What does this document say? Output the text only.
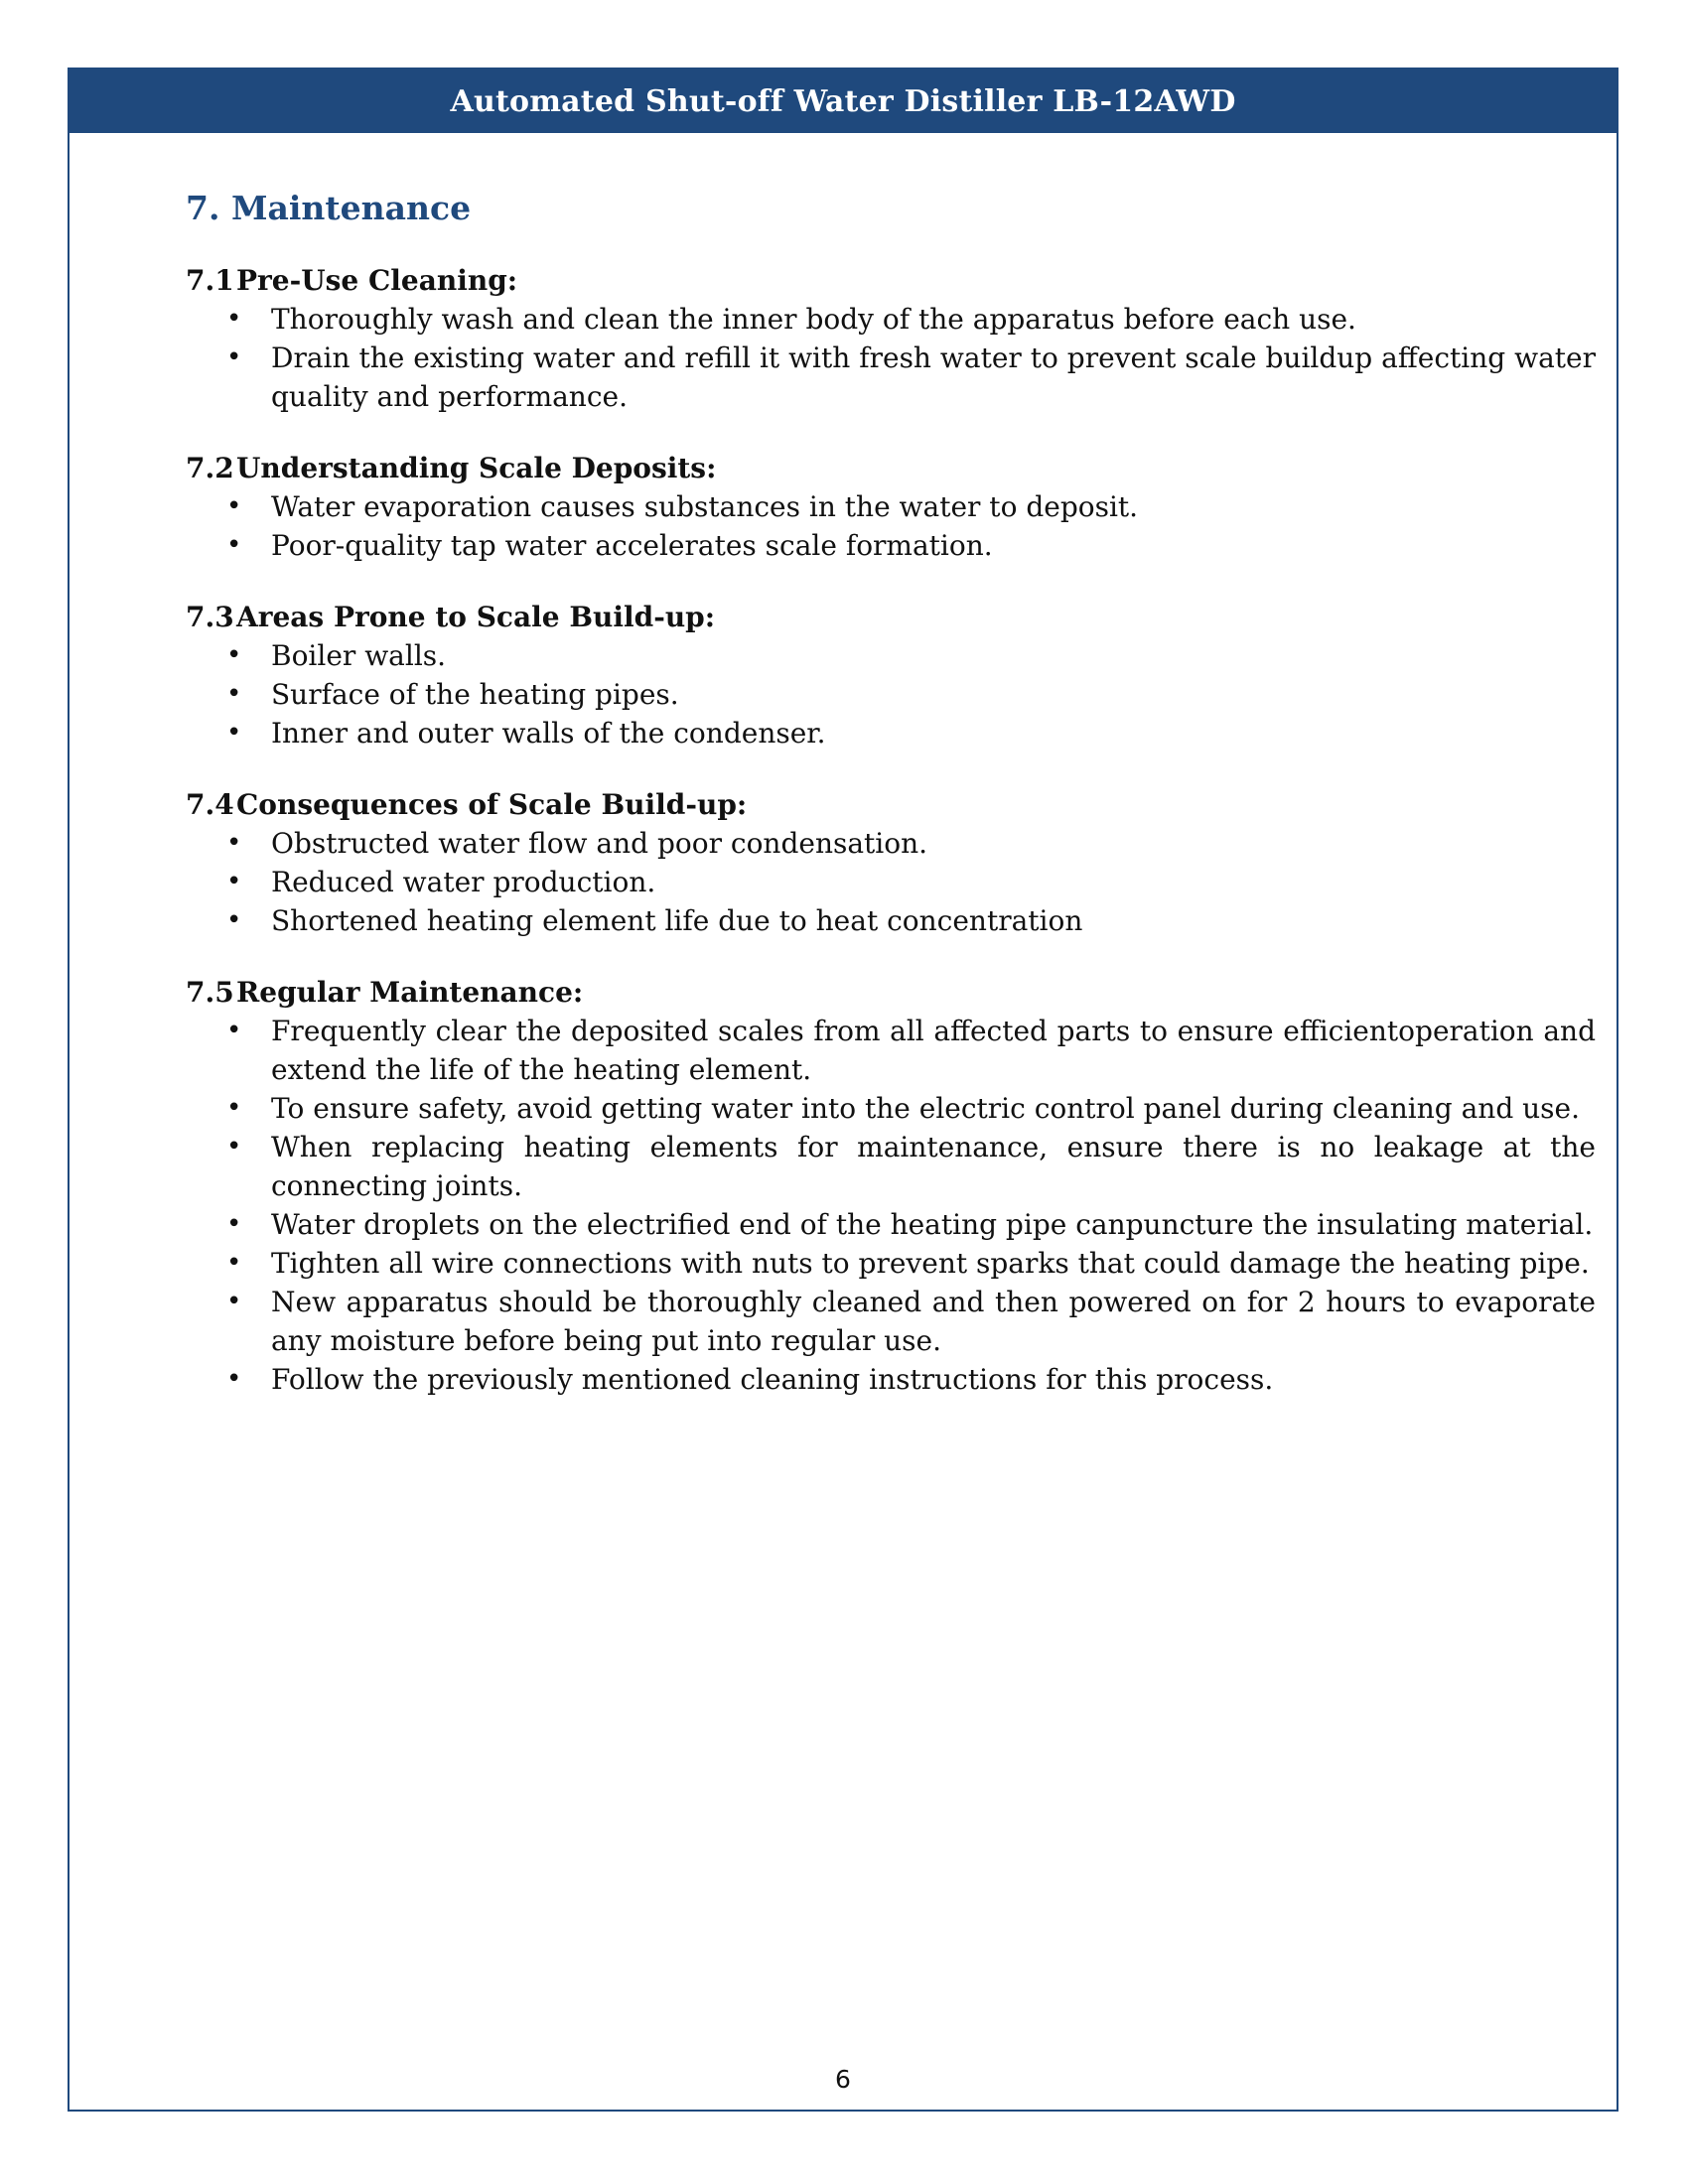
Automated Shut-off Water Distiller LB-12AWD
7. Maintenance
7.1Pre-Use Cleaning:
• Thoroughly wash and clean the inner body of the apparatus before each use.
• Drain the existing water and refill it with fresh water to prevent scale buildup affecting water quality and performance.
7.2Understanding Scale Deposits:
• Water evaporation causes substances in the water to deposit.
• Poor-quality tap water accelerates scale formation.
7.3Areas Prone to Scale Build-up:
• Boiler walls.
• Surface of the heating pipes.
• Inner and outer walls of the condenser.
7.4Consequences of Scale Build-up:
• Obstructed water flow and poor condensation.
• Reduced water production.
• Shortened heating element life due to heat concentration
7.5Regular Maintenance:
• Frequently clear the deposited scales from all affected parts to ensure efficientoperation and extend the life of the heating element.
• To ensure safety, avoid getting water into the electric control panel during cleaning and use.
• When replacing heating elements for maintenance, ensure there is no leakage at the connecting joints.
• Water droplets on the electrified end of the heating pipe canpuncture the insulating material.
• Tighten all wire connections with nuts to prevent sparks that could damage the heating pipe.
• New apparatus should be thoroughly cleaned and then powered on for 2 hours to evaporate any moisture before being put into regular use.
• Follow the previously mentioned cleaning instructions for this process.
6
